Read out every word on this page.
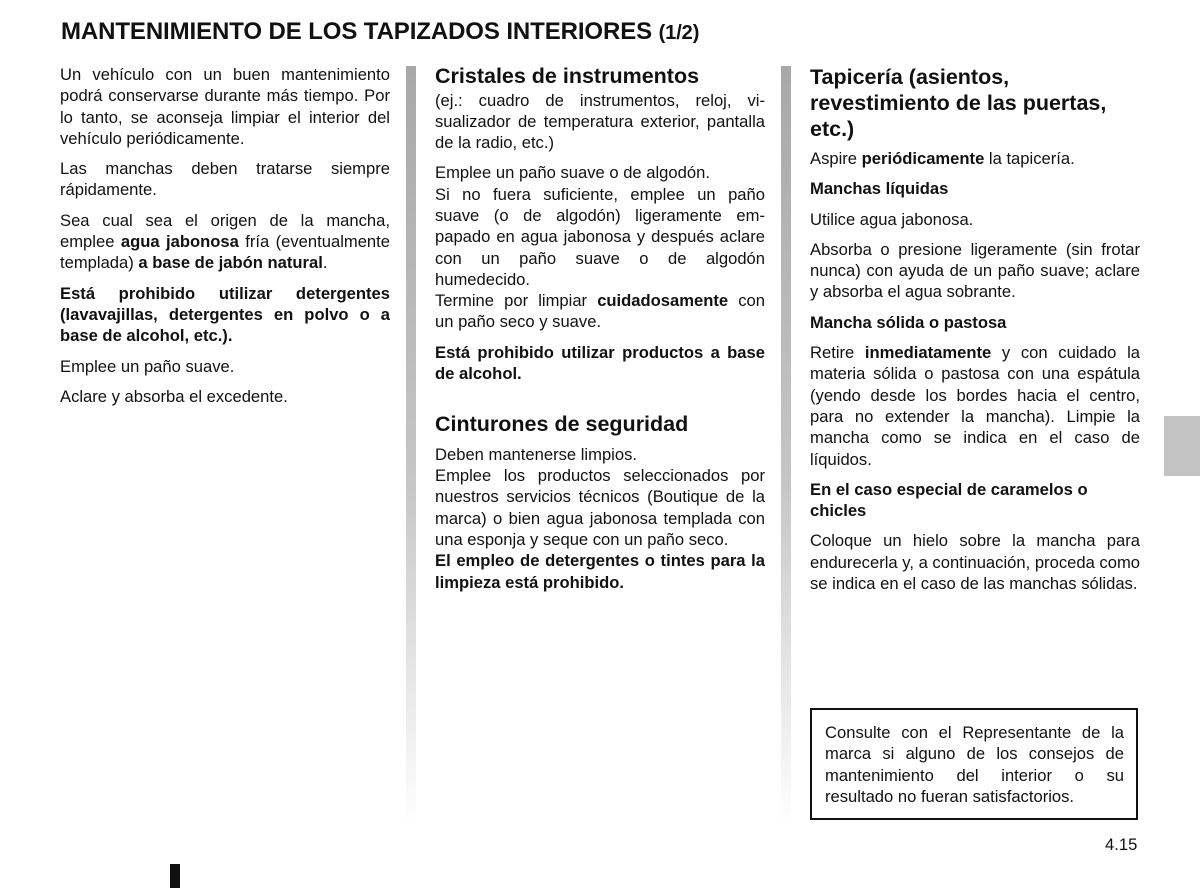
MANTENIMIENTO DE LOS TAPIZADOS INTERIORES (1/2)

Un vehículo con un buen mantenimiento podrá conservarse durante más tiempo. Por lo tanto, se aconseja limpiar el interior del vehículo periódicamente.

Las manchas deben tratarse siempre rápidamente.

Sea cual sea el origen de la mancha, emplee agua jabonosa fría (eventualmente templada) a base de jabón natural.

Está prohibido utilizar detergentes (lavavajillas, detergentes en polvo o a base de alcohol, etc.).

Emplee un paño suave.

Aclare y absorba el excedente.

Cristales de instrumentos

(ej.: cuadro de instrumentos, reloj, visualizador de temperatura exterior, pantalla de la radio, etc.)

Emplee un paño suave o de algodón.

Si no fuera suficiente, emplee un paño suave (o de algodón) ligeramente empapado en agua jabonosa y después aclare con un paño suave o de algodón humedecido.

Termine por limpiar cuidadosamente con un paño seco y suave.

Está prohibido utilizar productos a base de alcohol.

Cinturones de seguridad

Deben mantenerse limpios.

Emplee los productos seleccionados por nuestros servicios técnicos (Boutique de la marca) o bien agua jabonosa templada con una esponja y seque con un paño seco.

El empleo de detergentes o tintes para la limpieza está prohibido.

Tapicería (asientos, revestimiento de las puertas, etc.)

Aspire periódicamente la tapicería.

Manchas líquidas

Utilice agua jabonosa.

Absorba o presione ligeramente (sin frotar nunca) con ayuda de un paño suave; aclare y absorba el agua sobrante.

Mancha sólida o pastosa

Retire inmediatamente y con cuidado la materia sólida o pastosa con una espátula (yendo desde los bordes hacia el centro, para no extender la mancha). Limpie la mancha como se indica en el caso de líquidos.

En el caso especial de caramelos o chicles

Coloque un hielo sobre la mancha para endurecerla y, a continuación, proceda como se indica en el caso de las manchas sólidas.

Consulte con el Representante de la marca si alguno de los consejos de mantenimiento del interior o su resultado no fueran satisfactorios.
4.15
